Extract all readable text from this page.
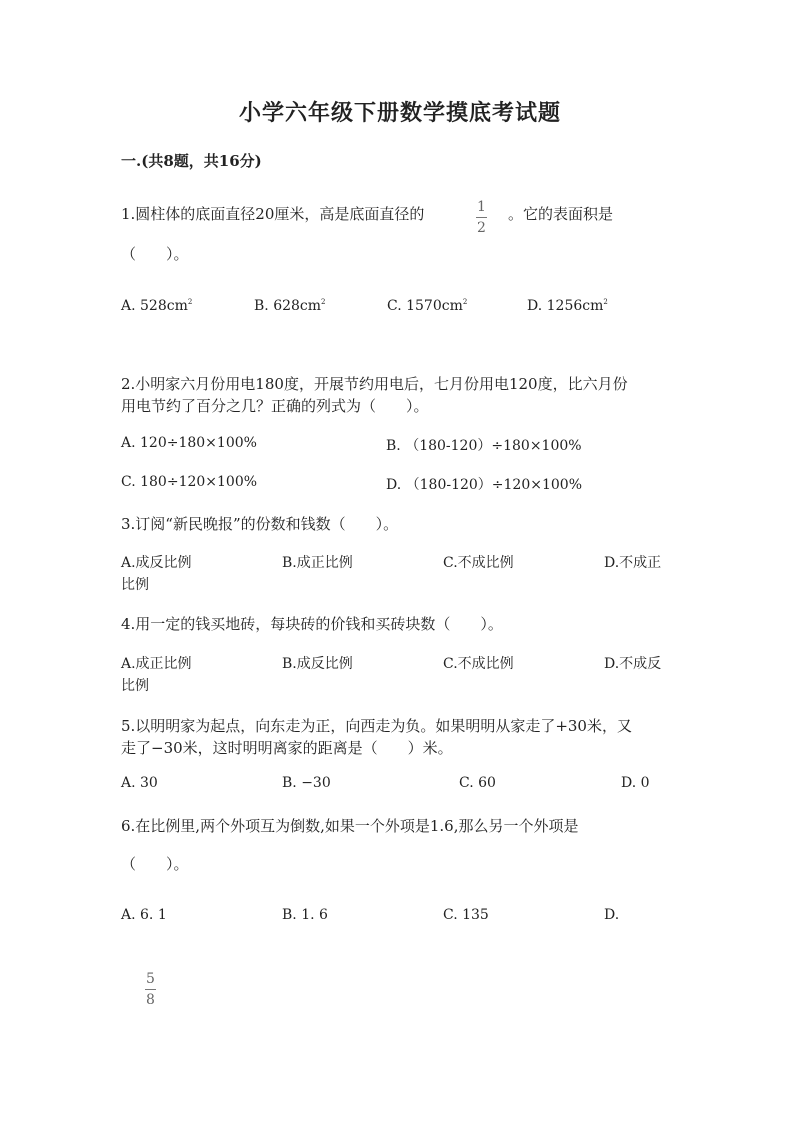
小学六年级下册数学摸底考试题
一.(共8题，共16分)
1.圆柱体的底面直径20厘米，高是底面直径的	1
2
。它的表面积是
（　　）。
A. $528cm^2$	B. $628cm^2$	C. $1570cm^2$	D. $1256cm^2$
2.小明家六月份用电180度，开展节约用电后，七月份用电120度，比六月份
用电节约了百分之几？正确的列式为（　　）。
A. 120÷180×100%	B. （180-120）÷180×100%
C. 180÷120×100%	D. （180-120）÷120×100%
3.订阅“新民晚报”的份数和钱数（　　）。
A.成反比例	B.成正比例	C.不成比例	D.不成正
比例
4.用一定的钱买地砖，每块砖的价钱和买砖块数（　　）。
A.成正比例	B.成反比例	C.不成比例	D.不成反
比例
5.以明明家为起点，向东走为正，向西走为负。如果明明从家走了+30米，又
走了−30米，这时明明离家的距离是（　　）米。
A. 30	B. −30	C. 60	D. 0
6.在比例里,两个外项互为倒数,如果一个外项是1.6,那么另一个外项是
（　　）。
A. 6. 1	B. 1. 6	C. 135	D.
5
8
